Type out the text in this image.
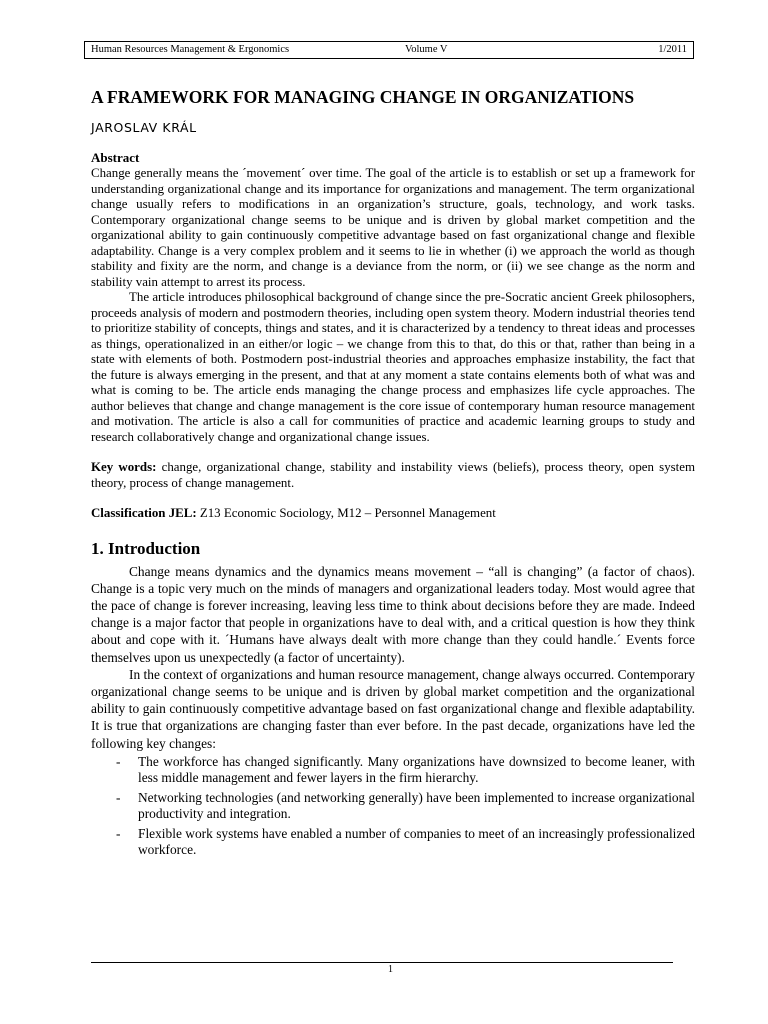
Human Resources Management & Ergonomics	Volume V	1/2011
A FRAMEWORK FOR MANAGING CHANGE IN ORGANIZATIONS

JAROSLAV KRÁL

Abstract

Change generally means the ´movement´ over time. The goal of the article is to establish or set up a framework for understanding organizational change and its importance for organizations and management. The term organizational change usually refers to modifications in an organization’s structure, goals, technology, and work tasks. Contemporary organizational change seems to be unique and is driven by global market competition and the organizational ability to gain continuously competitive advantage based on fast organizational change and flexible adaptability. Change is a very complex problem and it seems to lie in whether (i) we approach the world as though stability and fixity are the norm, and change is a deviance from the norm, or (ii) we see change as the norm and stability vain attempt to arrest its process.

The article introduces philosophical background of change since the pre-Socratic ancient Greek philosophers, proceeds analysis of modern and postmodern theories, including open system theory. Modern industrial theories tend to prioritize stability of concepts, things and states, and it is characterized by a tendency to threat ideas and processes as things, operationalized in an either/or logic – we change from this to that, do this or that, rather than being in a state with elements of both. Postmodern post-industrial theories and approaches emphasize instability, the fact that the future is always emerging in the present, and that at any moment a state contains elements both of what was and what is coming to be. The article ends managing the change process and emphasizes life cycle approaches. The author believes that change and change management is the core issue of contemporary human resource management and motivation. The article is also a call for communities of practice and academic learning groups to study and research collaboratively change and organizational change issues.

Key words: change, organizational change, stability and instability views (beliefs), process theory, open system theory, process of change management.

Classification JEL: Z13 Economic Sociology, M12 – Personnel Management

1. Introduction

Change means dynamics and the dynamics means movement – “all is changing” (a factor of chaos). Change is a topic very much on the minds of managers and organizational leaders today. Most would agree that the pace of change is forever increasing, leaving less time to think about decisions before they are made. Indeed change is a major factor that people in organizations have to deal with, and a critical question is how they think about and cope with it. ´Humans have always dealt with more change than they could handle.´ Events force themselves upon us unexpectedly (a factor of uncertainty).

In the context of organizations and human resource management, change always occurred. Contemporary organizational change seems to be unique and is driven by global market competition and the organizational ability to gain continuously competitive advantage based on fast organizational change and flexible adaptability. It is true that organizations are changing faster than ever before. In the past decade, organizations have led the following key changes:

- The workforce has changed significantly. Many organizations have downsized to become leaner, with less middle management and fewer layers in the firm hierarchy.
- Networking technologies (and networking generally) have been implemented to increase organizational productivity and integration.
- Flexible work systems have enabled a number of companies to meet of an increasingly professionalized workforce.
1
